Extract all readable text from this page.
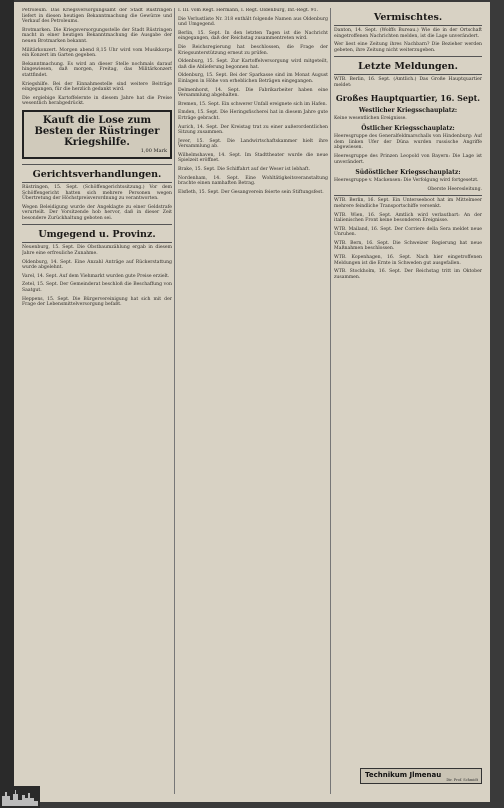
Petroleum. Das Kriegsversorgungsamt der Stadt Rüstringen liefert in diesen heutigen Bekanntmachung die Gewürze und Verkauf des Petroleums.

Brotmarken. Die Kriegsversorgungsstelle der Stadt Rüstringen macht in einer heutigen Bekanntmachung die Ausgabe der neuen Brotmarken bekannt.

Militärkonzert. Morgen abend 8,15 Uhr wird vom Musikkorps ein Konzert im Garten gegeben.

Bekanntmachung. Es wird an dieser Stelle nochmals darauf hingewiesen, daß morgen, Freitag, das Militärkonzert stattfindet.

Kriegshilfe. Bei der Einnahmestelle sind weitere Beiträge eingegangen, für die herzlich gedankt wird.

Die ergiebige Kartoffelernte in diesem Jahre hat die Preise wesentlich herabgedrückt.

Kauft die Lose zum Besten der Rüstringer Kriegshilfe.
1,00 Mark
Gerichtsverhandlungen.

Rüstringen, 15. Sept. (Schöffengerichtssitzung.) Vor dem Schöffengericht hatten sich mehrere Personen wegen Übertretung der Höchstpreisverordnung zu verantworten.

Wegen Beleidigung wurde der Angeklagte zu einer Geldstrafe verurteilt. Der Vorsitzende hob hervor, daß in dieser Zeit besondere Zurückhaltung geboten sei.

Umgegend u. Provinz.

Neuenburg, 15. Sept. Die Obstbaumzählung ergab in diesem Jahre eine erfreuliche Zunahme.

Oldenburg, 14. Sept. Eine Anzahl Anträge auf Rückerstattung wurde abgelehnt.

Varel, 14. Sept. Auf dem Viehmarkt wurden gute Preise erzielt.

Zetel, 15. Sept. Der Gemeinderat beschloß die Beschaffung von Saatgut.

Heppens, 15. Sept. Die Bürgervereinigung hat sich mit der Frage der Lebensmittelversorgung befaßt.

I. III. vom Regt. Hermann, I. Regt. Oldenburg, Inf.-Regt. 91.

Die Verlustliste Nr. 318 enthält folgende Namen aus Oldenburg und Umgegend.

Berlin, 15. Sept. In den letzten Tagen ist die Nachricht eingegangen, daß der Reichstag zusammentreten wird.

Die Reichsregierung hat beschlossen, die Frage der Kriegsunterstützung erneut zu prüfen.

Oldenburg, 15. Sept. Zur Kartoffelversorgung wird mitgeteilt, daß die Ablieferung begonnen hat.

Oldenburg, 15. Sept. Bei der Sparkasse sind im Monat August Einlagen in Höhe von erheblichen Beträgen eingegangen.

Delmenhorst, 14. Sept. Die Fabrikarbeiter haben eine Versammlung abgehalten.

Bremen, 15. Sept. Ein schwerer Unfall ereignete sich im Hafen.

Emden, 15. Sept. Die Heringsfischerei hat in diesem Jahre gute Erträge gebracht.

Aurich, 14. Sept. Der Kreistag trat zu einer außerordentlichen Sitzung zusammen.

Jever, 15. Sept. Die Landwirtschaftskammer hielt ihre Versammlung ab.

Wilhelmshaven, 14. Sept. Im Stadttheater wurde die neue Spielzeit eröffnet.

Brake, 15. Sept. Die Schiffahrt auf der Weser ist lebhaft.

Nordenham, 14. Sept. Eine Wohltätigkeitsveranstaltung brachte einen namhaften Betrag.

Elsfleth, 15. Sept. Der Gesangverein feierte sein Stiftungsfest.

Vermischtes.

Danton, 14. Sept. (Wolffs Bureau.) Wie die in der Ortschaft eingetroffenen Nachrichten melden, ist die Lage unverändert.

Wer liest eine Zeitung ihres Nachbarn? Die Bezieher werden gebeten, ihre Zeitung nicht weiterzugeben.

Letzte Meldungen.

WTB. Berlin, 16. Sept. (Amtlich.) Das Große Hauptquartier meldet:

Großes Hauptquartier, 16. Sept.
Westlicher Kriegsschauplatz:

Keine wesentlichen Ereignisse.

Östlicher Kriegsschauplatz:

Heeresgruppe des Generalfeldmarschalls von Hindenburg: Auf dem linken Ufer der Düna wurden russische Angriffe abgewiesen.

Heeresgruppe des Prinzen Leopold von Bayern: Die Lage ist unverändert.

Südöstlicher Kriegsschauplatz:

Heeresgruppe v. Mackensen: Die Verfolgung wird fortgesetzt.

Oberste Heeresleitung.

WTB. Berlin, 16. Sept. Ein Unterseeboot hat im Mittelmeer mehrere feindliche Transportschiffe versenkt.

WTB. Wien, 16. Sept. Amtlich wird verlautbart: An der italienischen Front keine besonderen Ereignisse.

WTB. Mailand, 16. Sept. Der Corriere della Sera meldet neue Unruhen.

WTB. Bern, 16. Sept. Die Schweizer Regierung hat neue Maßnahmen beschlossen.

WTB. Kopenhagen, 16. Sept. Nach hier eingetroffenen Meldungen ist die Ernte in Schweden gut ausgefallen.

WTB. Stockholm, 16. Sept. Der Reichstag tritt im Oktober zusammen.

Technikum Jlmenau
Dir. Prof. Schmidt
